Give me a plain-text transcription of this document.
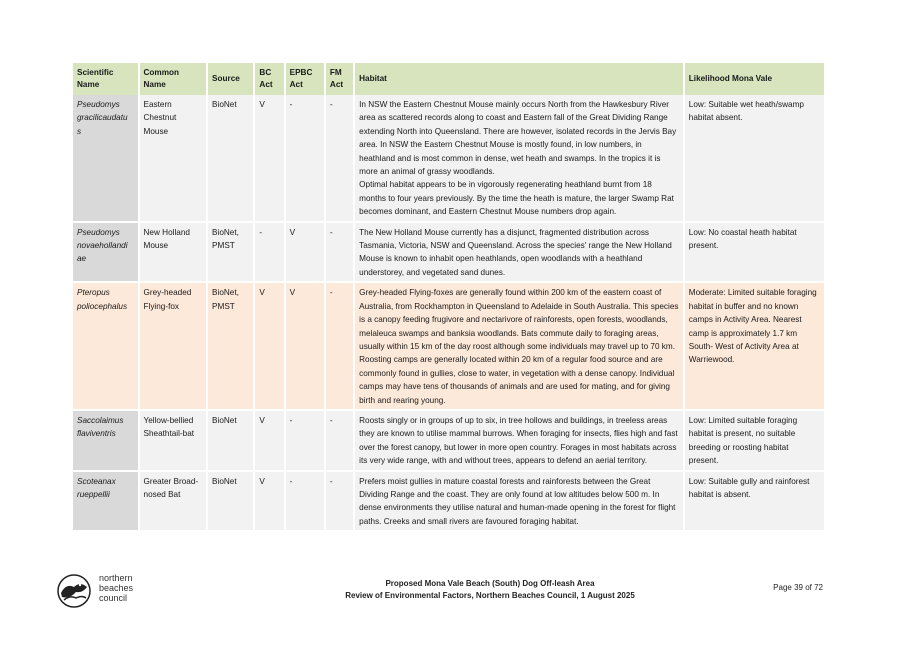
Scientific Name	Common Name	Source	BC Act	EPBC Act	FM Act	Habitat	Likelihood Mona Vale
Pseudomys gracilicaudatu s	Eastern Chestnut Mouse	BioNet	V	-	-	In NSW the Eastern Chestnut Mouse mainly occurs North from the Hawkesbury River area as scattered records along to coast and Eastern fall of the Great Dividing Range extending North into Queensland. There are however, isolated records in the Jervis Bay area. In NSW the Eastern Chestnut Mouse is mostly found, in low numbers, in heathland and is most common in dense, wet heath and swamps. In the tropics it is more an animal of grassy woodlands.
Optimal habitat appears to be in vigorously regenerating heathland burnt from 18 months to four years previously. By the time the heath is mature, the larger Swamp Rat becomes dominant, and Eastern Chestnut Mouse numbers drop again.	Low: Suitable wet heath/swamp habitat absent.
Pseudomys novaehollandi ae	New Holland Mouse	BioNet, PMST	-	V	-	The New Holland Mouse currently has a disjunct, fragmented distribution across Tasmania, Victoria, NSW and Queensland. Across the species' range the New Holland Mouse is known to inhabit open heathlands, open woodlands with a heathland understorey, and vegetated sand dunes.	Low: No coastal heath habitat present.
Pteropus poliocephalus	Grey-headed Flying-fox	BioNet, PMST	V	V	-	Grey-headed Flying-foxes are generally found within 200 km of the eastern coast of Australia, from Rockhampton in Queensland to Adelaide in South Australia. This species is a canopy feeding frugivore and nectarivore of rainforests, open forests, woodlands, melaleuca swamps and banksia woodlands. Bats commute daily to foraging areas, usually within 15 km of the day roost although some individuals may travel up to 70 km. Roosting camps are generally located within 20 km of a regular food source and are commonly found in gullies, close to water, in vegetation with a dense canopy. Individual camps may have tens of thousands of animals and are used for mating, and for giving birth and rearing young.	Moderate: Limited suitable foraging habitat in buffer and no known camps in Activity Area. Nearest camp is approximately 1.7 km South- West of Activity Area at Warriewood.
Saccolaimus flaviventris	Yellow-bellied Sheathtail-bat	BioNet	V	-	-	Roosts singly or in groups of up to six, in tree hollows and buildings, in treeless areas they are known to utilise mammal burrows. When foraging for insects, flies high and fast over the forest canopy, but lower in more open country. Forages in most habitats across its very wide range, with and without trees, appears to defend an aerial territory.	Low: Limited suitable foraging habitat is present, no suitable breeding or roosting habitat present.
Scoteanax rueppellii	Greater Broad-nosed Bat	BioNet	V	-	-	Prefers moist gullies in mature coastal forests and rainforests between the Great Dividing Range and the coast. They are only found at low altitudes below 500 m. In dense environments they utilise natural and human-made opening in the forest for flight paths. Creeks and small rivers are favoured foraging habitat.	Low: Suitable gully and rainforest habitat is absent.
northern
beaches
council
Proposed Mona Vale Beach (South) Dog Off-leash Area
Review of Environmental Factors, Northern Beaches Council, 1 August 2025
Page 39 of 72
